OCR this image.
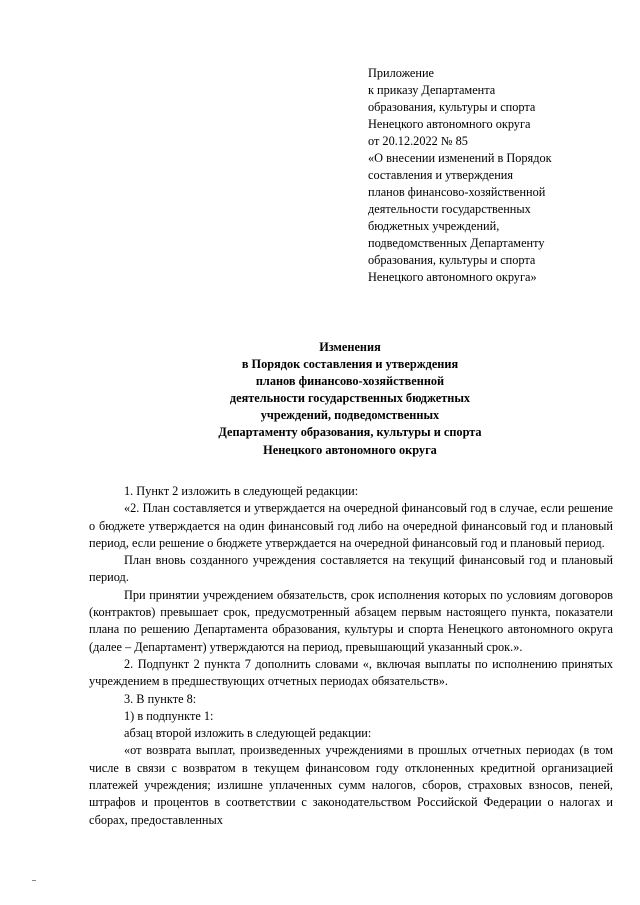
Приложение
к приказу Департамента
образования, культуры и спорта
Ненецкого автономного округа
от 20.12.2022 № 85
«О внесении изменений в Порядок
составления и утверждения
планов финансово-хозяйственной
деятельности государственных
бюджетных учреждений,
подведомственных Департаменту
образования, культуры и спорта
Ненецкого автономного округа»
Изменения
в Порядок составления и утверждения
планов финансово-хозяйственной
деятельности государственных бюджетных
учреждений, подведомственных
Департаменту образования, культуры и спорта
Ненецкого автономного округа

1. Пункт 2 изложить в следующей редакции:

«2. План составляется и утверждается на очередной финансовый год в случае, если решение о бюджете утверждается на один финансовый год либо на очередной финансовый год и плановый период, если решение о бюджете утверждается на очередной финансовый год и плановый период.

План вновь созданного учреждения составляется на текущий финансовый год и плановый период.

При принятии учреждением обязательств, срок исполнения которых по условиям договоров (контрактов) превышает срок, предусмотренный абзацем первым настоящего пункта, показатели плана по решению Департамента образования, культуры и спорта Ненецкого автономного округа (далее – Департамент) утверждаются на период, превышающий указанный срок.».

2. Подпункт 2 пункта 7 дополнить словами «, включая выплаты по исполнению принятых учреждением в предшествующих отчетных периодах обязательств».

3. В пункте 8:

1) в подпункте 1:

абзац второй изложить в следующей редакции:

«от возврата выплат, произведенных учреждениями в прошлых отчетных периодах (в том числе в связи с возвратом в текущем финансовом году отклоненных кредитной организацией платежей учреждения; излишне уплаченных сумм налогов, сборов, страховых взносов, пеней, штрафов и процентов в соответствии с законодательством Российской Федерации о налогах и сборах, предоставленных
